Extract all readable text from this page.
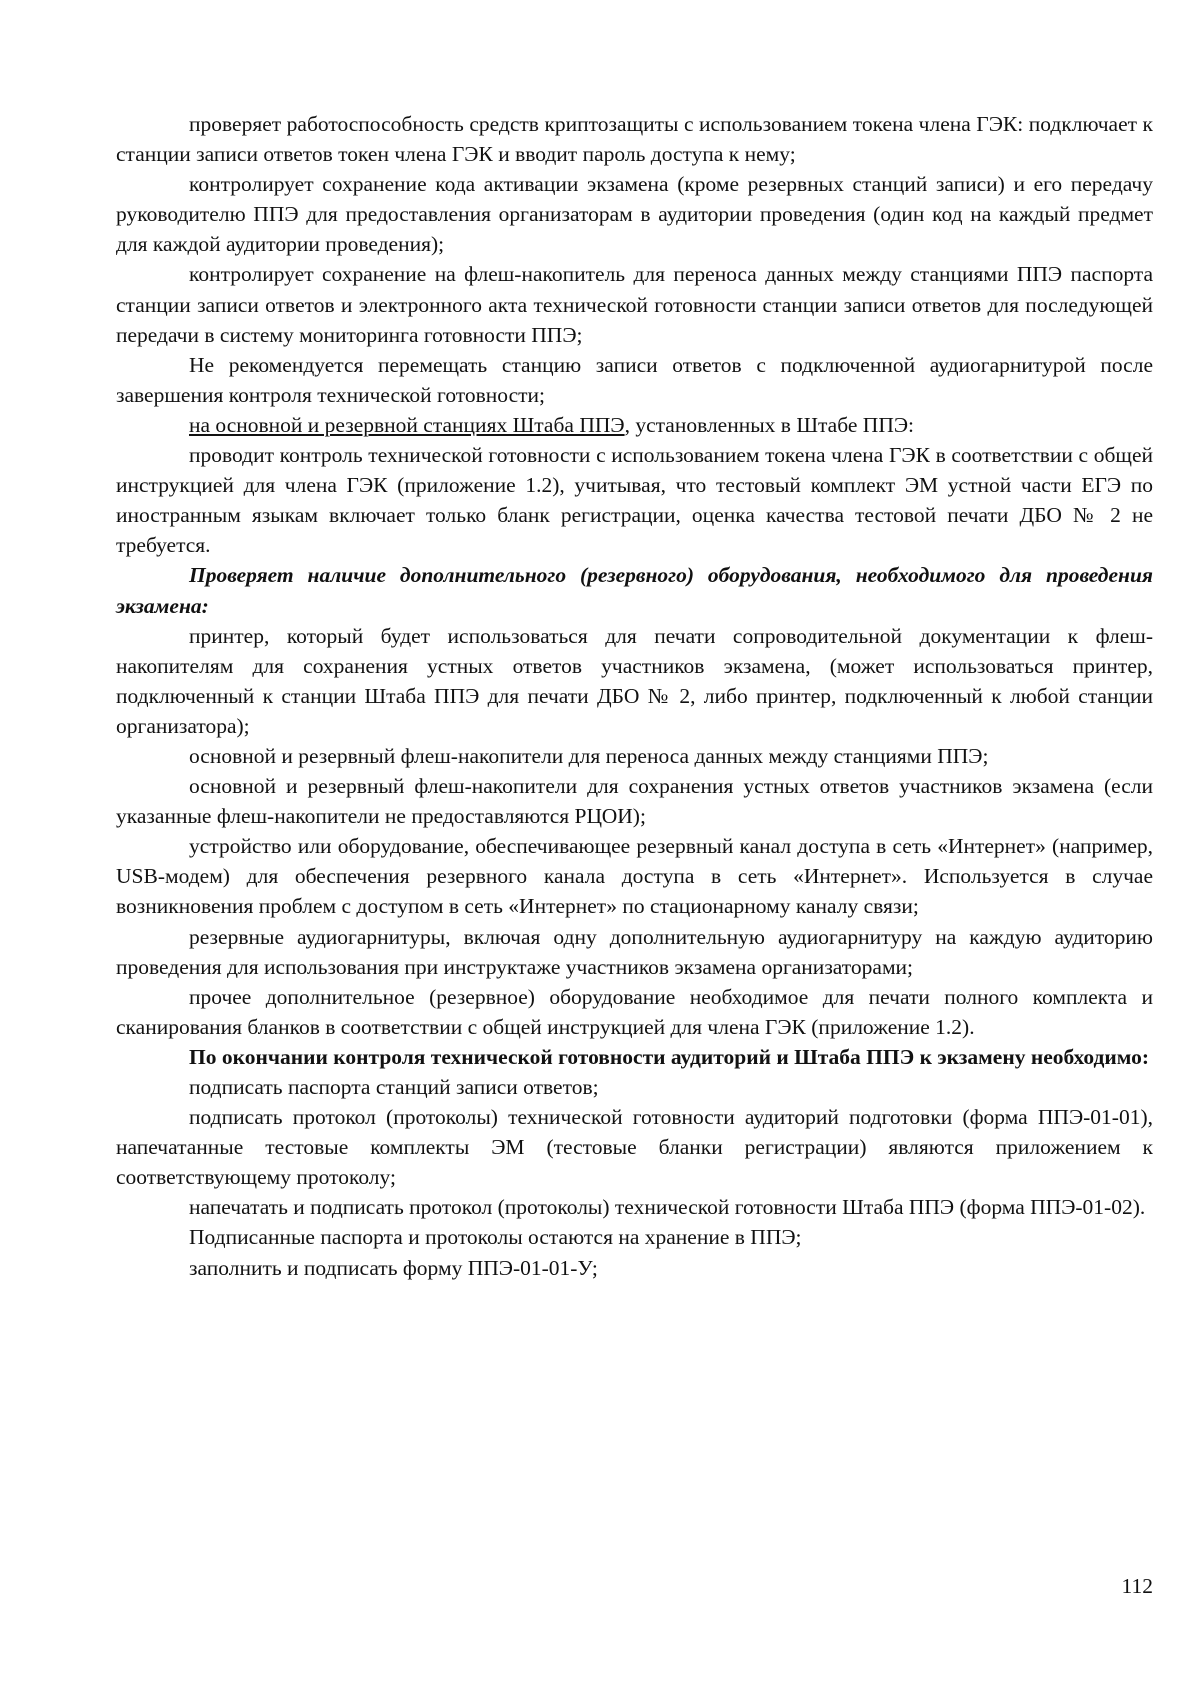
проверяет работоспособность средств криптозащиты с использованием токена члена ГЭК: подключает к станции записи ответов токен члена ГЭК и вводит пароль доступа к нему;

контролирует сохранение кода активации экзамена (кроме резервных станций записи) и его передачу руководителю ППЭ для предоставления организаторам в аудитории проведения (один код на каждый предмет для каждой аудитории проведения);

контролирует сохранение на флеш-накопитель для переноса данных между станциями ППЭ паспорта станции записи ответов и электронного акта технической готовности станции записи ответов для последующей передачи в систему мониторинга готовности ППЭ;

Не рекомендуется перемещать станцию записи ответов с подключенной аудиогарнитурой после завершения контроля технической готовности;

на основной и резервной станциях Штаба ППЭ, установленных в Штабе ППЭ:

проводит контроль технической готовности с использованием токена члена ГЭК в соответствии с общей инструкцией для члена ГЭК (приложение 1.2), учитывая, что тестовый комплект ЭМ устной части ЕГЭ по иностранным языкам включает только бланк регистрации, оценка качества тестовой печати ДБО № 2 не требуется.

Проверяет наличие дополнительного (резервного) оборудования, необходимого для проведения экзамена:

принтер, который будет использоваться для печати сопроводительной документации к флеш-накопителям для сохранения устных ответов участников экзамена, (может использоваться принтер, подключенный к станции Штаба ППЭ для печати ДБО № 2, либо принтер, подключенный к любой станции организатора);

основной и резервный флеш-накопители для переноса данных между станциями ППЭ;

основной и резервный флеш-накопители для сохранения устных ответов участников экзамена (если указанные флеш-накопители не предоставляются РЦОИ);

устройство или оборудование, обеспечивающее резервный канал доступа в сеть «Интернет» (например, USB-модем) для обеспечения резервного канала доступа в сеть «Интернет». Используется в случае возникновения проблем с доступом в сеть «Интернет» по стационарному каналу связи;

резервные аудиогарнитуры, включая одну дополнительную аудиогарнитуру на каждую аудиторию проведения для использования при инструктаже участников экзамена организаторами;

прочее дополнительное (резервное) оборудование необходимое для печати полного комплекта и сканирования бланков в соответствии с общей инструкцией для члена ГЭК (приложение 1.2).

По окончании контроля технической готовности аудиторий и Штаба ППЭ к экзамену необходимо:

подписать паспорта станций записи ответов;

подписать протокол (протоколы) технической готовности аудиторий подготовки (форма ППЭ-01-01), напечатанные тестовые комплекты ЭМ (тестовые бланки регистрации) являются приложением к соответствующему протоколу;

напечатать и подписать протокол (протоколы) технической готовности Штаба ППЭ (форма ППЭ-01-02).

Подписанные паспорта и протоколы остаются на хранение в ППЭ;

заполнить и подписать форму ППЭ-01-01-У;

112
